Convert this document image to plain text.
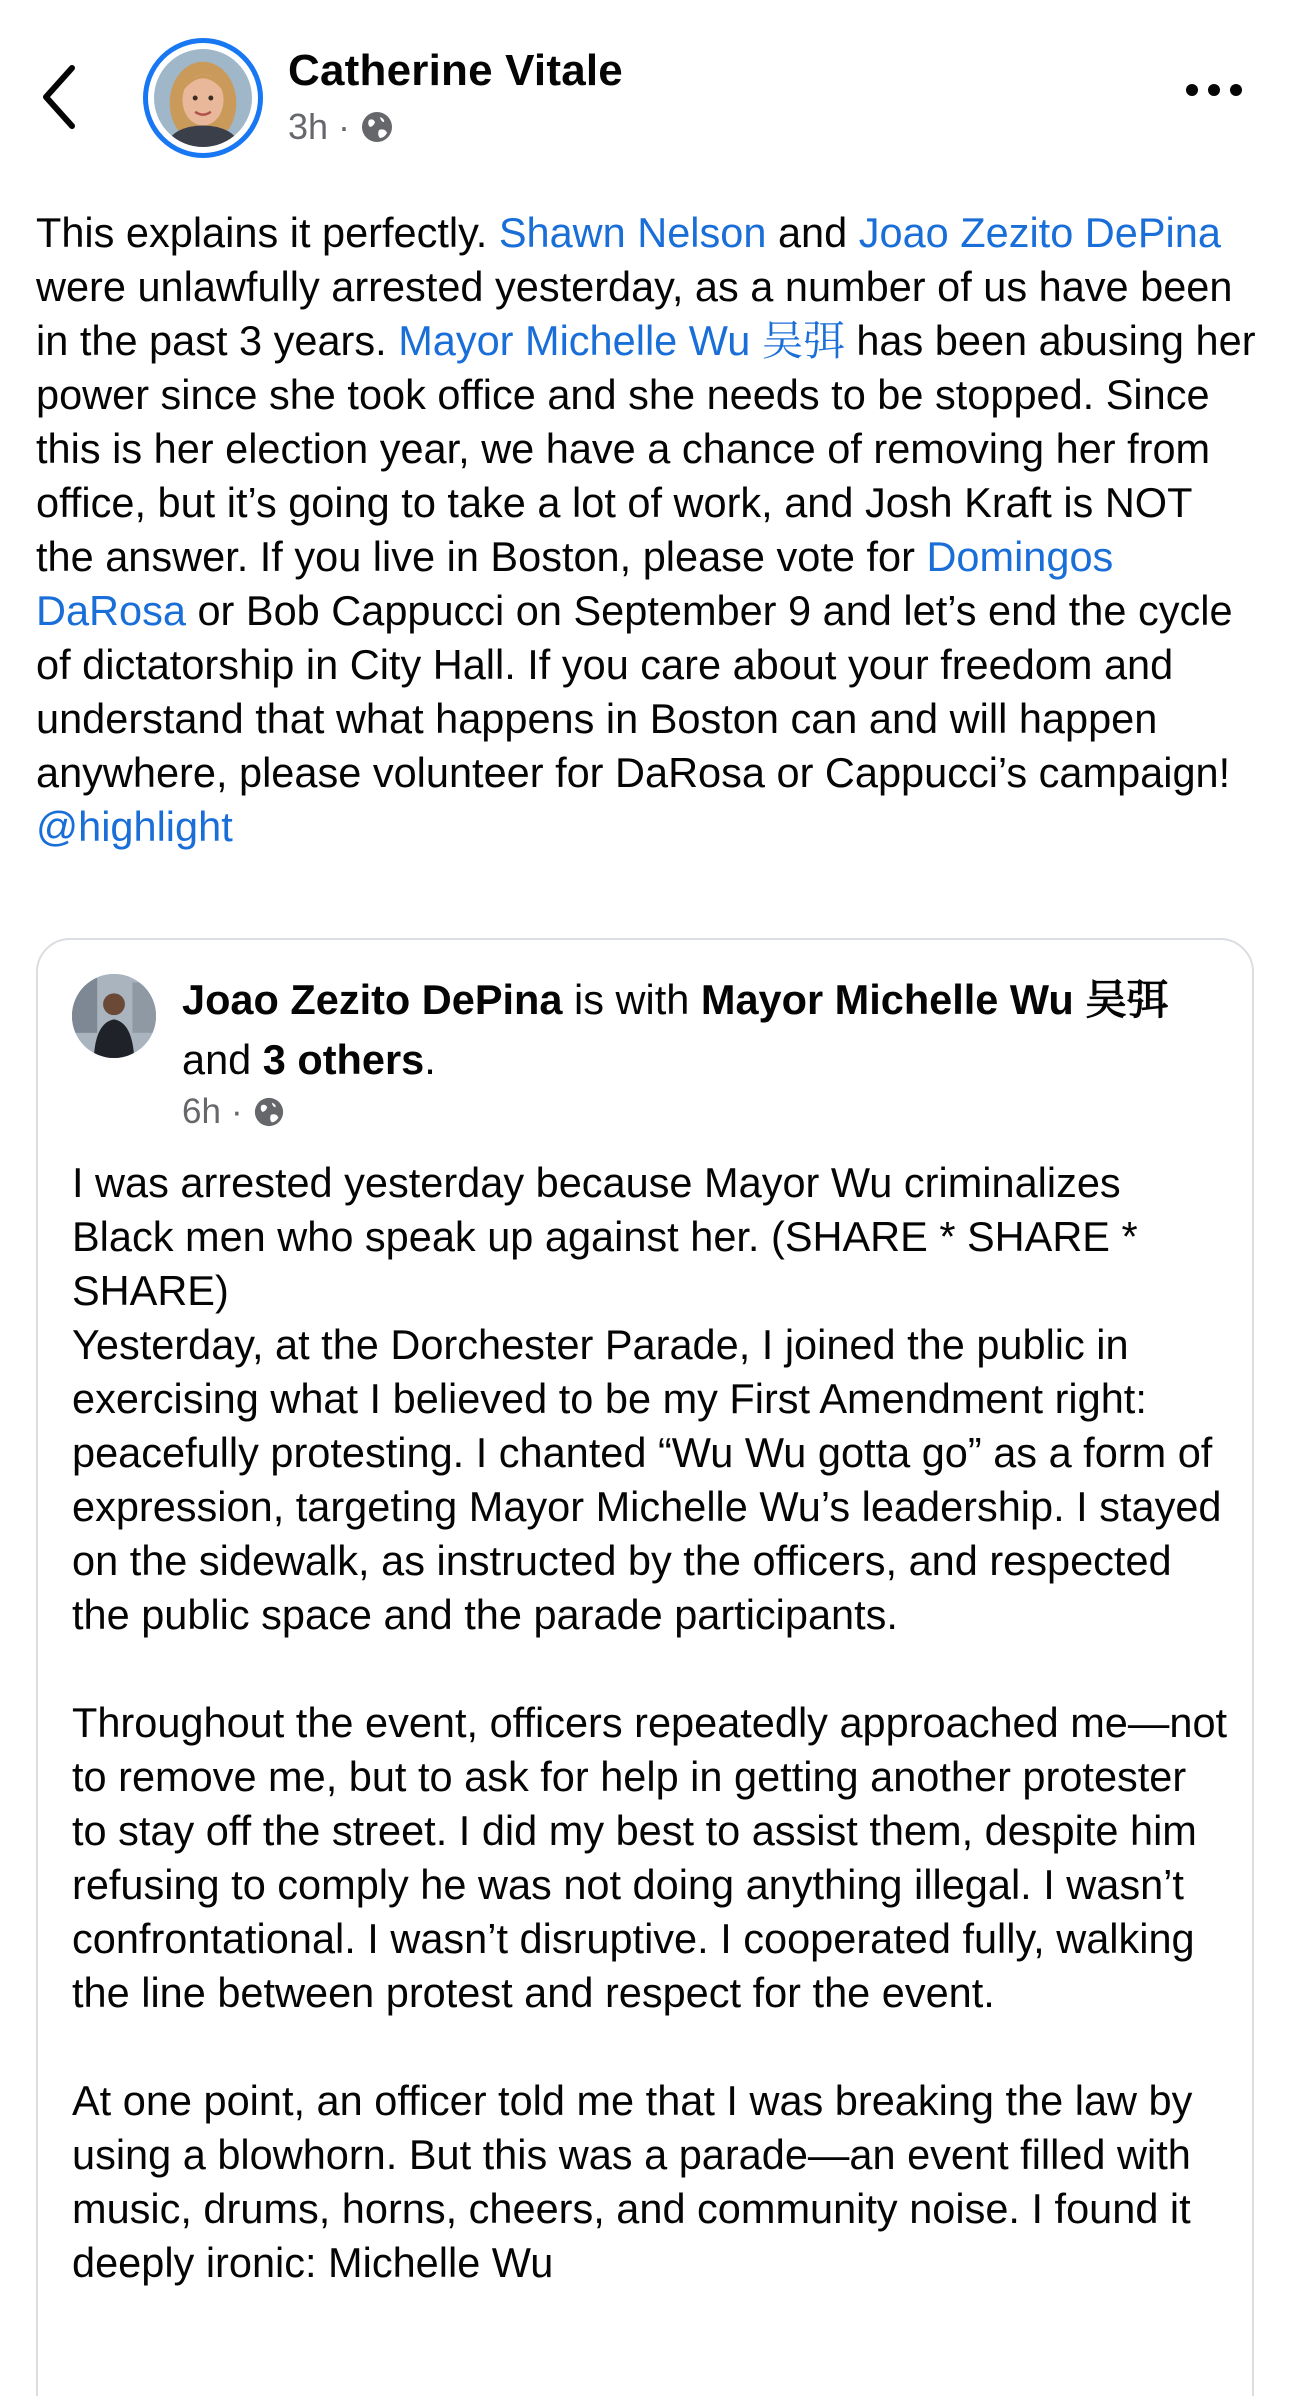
Catherine Vitale
3h ·
This explains it perfectly. Shawn Nelson and Joao Zezito DePina were unlawfully arrested yesterday, as a number of us have been in the past 3 years. Mayor Michelle Wu 吴弭 has been abusing her power since she took office and she needs to be stopped. Since this is her election year, we have a chance of removing her from office, but it’s going to take a lot of work, and Josh Kraft is NOT the answer. If you live in Boston, please vote for Domingos DaRosa or Bob Cappucci on September 9 and let’s end the cycle of dictatorship in City Hall. If you care about your freedom and understand that what happens in Boston can and will happen anywhere, please volunteer for DaRosa or Cappucci’s campaign! @highlight
Joao Zezito DePina is with Mayor Michelle Wu 吴弭 and 3 others.
6h ·

I was arrested yesterday because Mayor Wu criminalizes Black men who speak up against her. (SHARE * SHARE * SHARE)

Yesterday, at the Dorchester Parade, I joined the public in exercising what I believed to be my First Amendment right: peacefully protesting. I chanted “Wu Wu gotta go” as a form of expression, targeting Mayor Michelle Wu’s leadership. I stayed on the sidewalk, as instructed by the officers, and respected the public space and the parade participants.

Throughout the event, officers repeatedly approached me—not to remove me, but to ask for help in getting another protester to stay off the street. I did my best to assist them, despite him refusing to comply he was not doing anything illegal. I wasn’t confrontational. I wasn’t disruptive. I cooperated fully, walking the line between protest and respect for the event.

At one point, an officer told me that I was breaking the law by using a blowhorn. But this was a parade—an event filled with music, drums, horns, cheers, and community noise. I found it deeply ironic: Michelle Wu
